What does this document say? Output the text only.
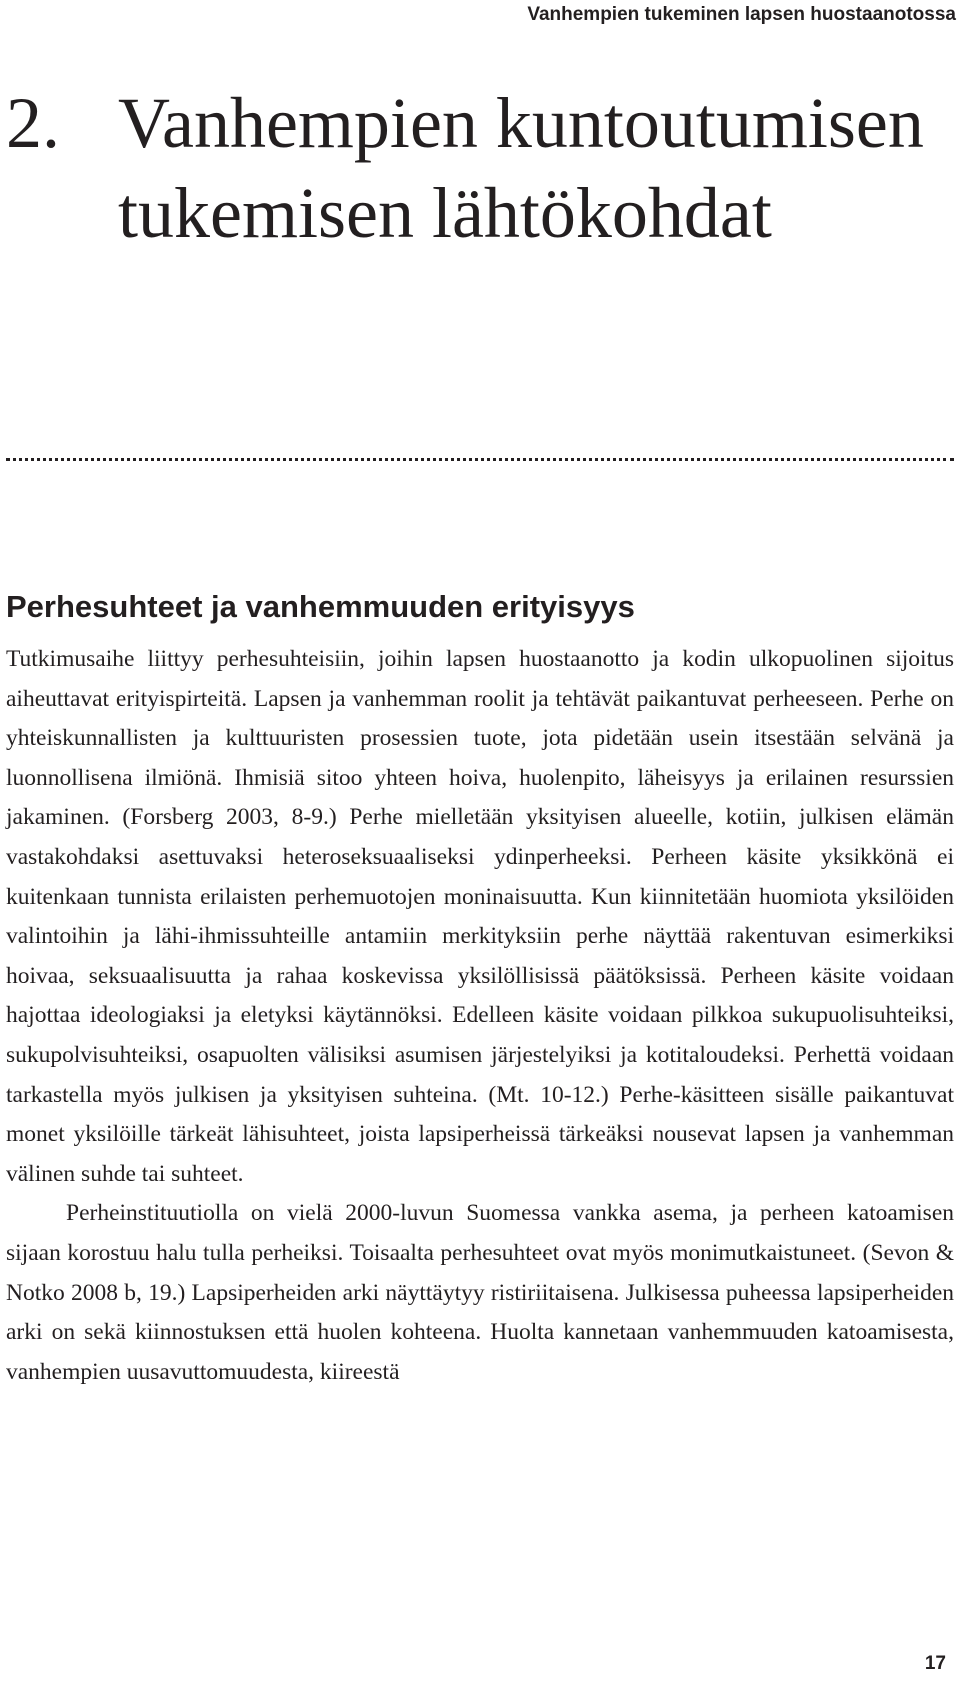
Vanhempien tukeminen lapsen huostaanotossa
2. Vanhempien kuntoutumisen
tukemisen lähtökohdat
Perhesuhteet ja vanhemmuuden erityisyys

Tutkimusaihe liittyy perhesuhteisiin, joihin lapsen huostaanotto ja kodin ulkopuolinen sijoitus aiheuttavat erityispirteitä. Lapsen ja vanhemman roolit ja tehtävät paikantuvat perheeseen. Perhe on yhteiskunnallisten ja kulttuuristen prosessien tuote, jota pidetään usein itsestään selvänä ja luonnollisena ilmiönä. Ihmisiä sitoo yhteen hoiva, huolenpito, läheisyys ja erilainen resurssien jakaminen. (Forsberg 2003, 8-9.) Perhe mielletään yksityisen alueelle, kotiin, julkisen elämän vastakohdaksi asettuvaksi heteroseksuaaliseksi ydinperheeksi. Perheen käsite yksikkönä ei kuitenkaan tunnista erilaisten perhemuotojen moninaisuutta. Kun kiinnitetään huomiota yksilöiden valintoihin ja lähi-ihmissuhteille antamiin merkityksiin perhe näyttää rakentuvan esimerkiksi hoivaa, seksuaalisuutta ja rahaa koskevissa yksilöllisissä päätöksissä. Perheen käsite voidaan hajottaa ideologiaksi ja eletyksi käytännöksi. Edelleen käsite voidaan pilkkoa sukupuolisuhteiksi, sukupolvisuhteiksi, osapuolten välisiksi asumisen järjestelyiksi ja kotitaloudeksi. Perhettä voidaan tarkastella myös julkisen ja yksityisen suhteina. (Mt. 10-12.) Perhe-käsitteen sisälle paikantuvat monet yksilöille tärkeät lähisuhteet, joista lapsiperheissä tärkeäksi nousevat lapsen ja vanhemman välinen suhde tai suhteet.

Perheinstituutiolla on vielä 2000-luvun Suomessa vankka asema, ja perheen katoamisen sijaan korostuu halu tulla perheiksi. Toisaalta perhesuhteet ovat myös monimutkaistuneet. (Sevon & Notko 2008 b, 19.) Lapsiperheiden arki näyttäytyy ristiriitaisena. Julkisessa puheessa lapsiperheiden arki on sekä kiinnostuksen että huolen kohteena. Huolta kannetaan vanhemmuuden katoamisesta, vanhempien uusavuttomuudesta, kiireestä

17
